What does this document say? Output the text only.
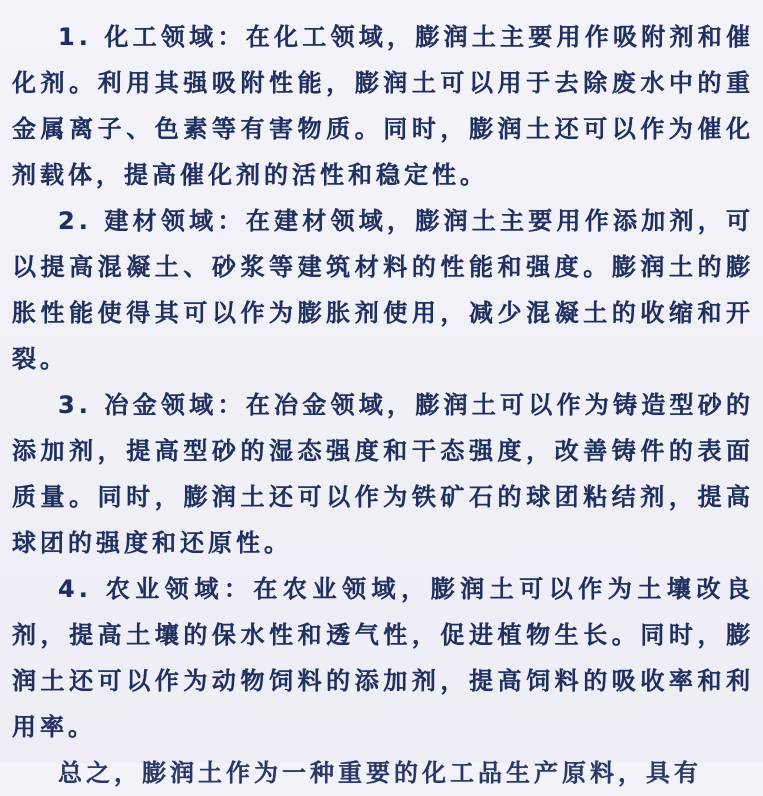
1. 化工领域：在化工领域，膨润土主要用作吸附剂和催化剂。利用其强吸附性能，膨润土可以用于去除废水中的重金属离子、色素等有害物质。同时，膨润土还可以作为催化剂载体，提高催化剂的活性和稳定性。

2. 建材领域：在建材领域，膨润土主要用作添加剂，可以提高混凝土、砂浆等建筑材料的性能和强度。膨润土的膨胀性能使得其可以作为膨胀剂使用，减少混凝土的收缩和开裂。

3. 冶金领域：在冶金领域，膨润土可以作为铸造型砂的添加剂，提高型砂的湿态强度和干态强度，改善铸件的表面质量。同时，膨润土还可以作为铁矿石的球团粘结剂，提高球团的强度和还原性。

4. 农业领域：在农业领域，膨润土可以作为土壤改良剂，提高土壤的保水性和透气性，促进植物生长。同时，膨润土还可以作为动物饲料的添加剂，提高饲料的吸收率和利用率。

总之，膨润土作为一种重要的化工品生产原料，具有
